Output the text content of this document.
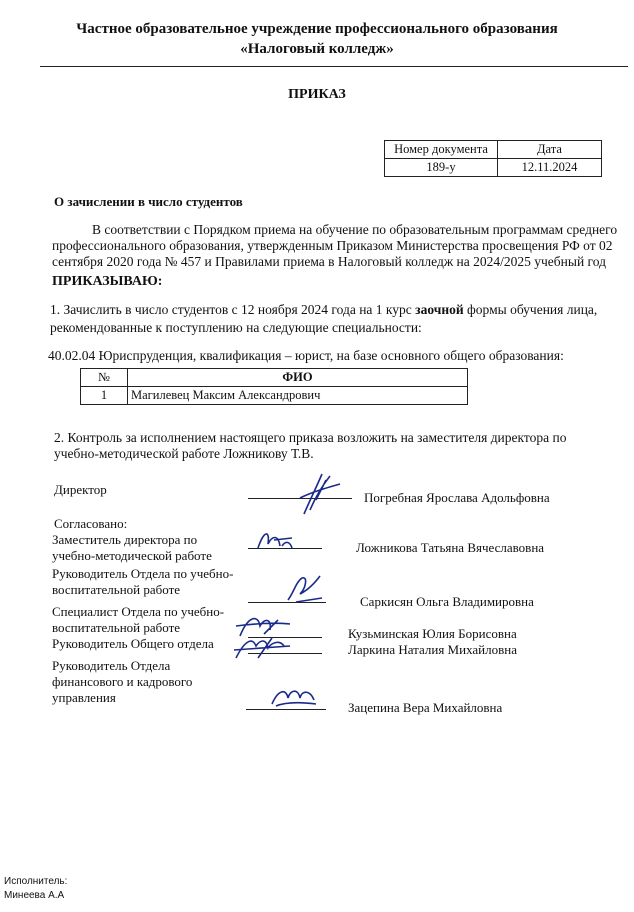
Частное образовательное учреждение профессионального образования
«Налоговый колледж»
ПРИКАЗ
Номер документа	Дата
189-у	12.11.2024
О зачислении в число студентов
В соответствии с Порядком приема на обучение по образовательным программам среднего
профессионального образования, утвержденным Приказом Министерства просвещения РФ от 02
сентября 2020 года № 457 и Правилами приема в Налоговый колледж на 2024/2025 учебный год
ПРИКАЗЫВАЮ:
1. Зачислить в число студентов с 12 ноября 2024 года на 1 курс заочной формы обучения лица,
рекомендованные к поступлению на следующие специальности:
40.02.04 Юриспруденция, квалификация – юрист, на базе основного общего образования:
№	ФИО
1	Магилевец Максим Александрович
2. Контроль за исполнением настоящего приказа возложить на заместителя директора по
учебно-методической работе Ложникову Т.В.
Директор
Погребная Ярослава Адольфовна
Согласовано:
Заместитель директора по
учебно-методической работе
Ложникова Татьяна Вячеславовна
Руководитель Отдела по учебно-
воспитательной работе
Саркисян Ольга Владимировна
Специалист Отдела по учебно-
воспитательной работе	Кузьминская Юлия Борисовна
Руководитель Общего отдела	Ларкина Наталия Михайловна
Руководитель Отдела
финансового и кадрового
управления
Зацепина Вера Михайловна
Исполнитель:
Минеева А.А
